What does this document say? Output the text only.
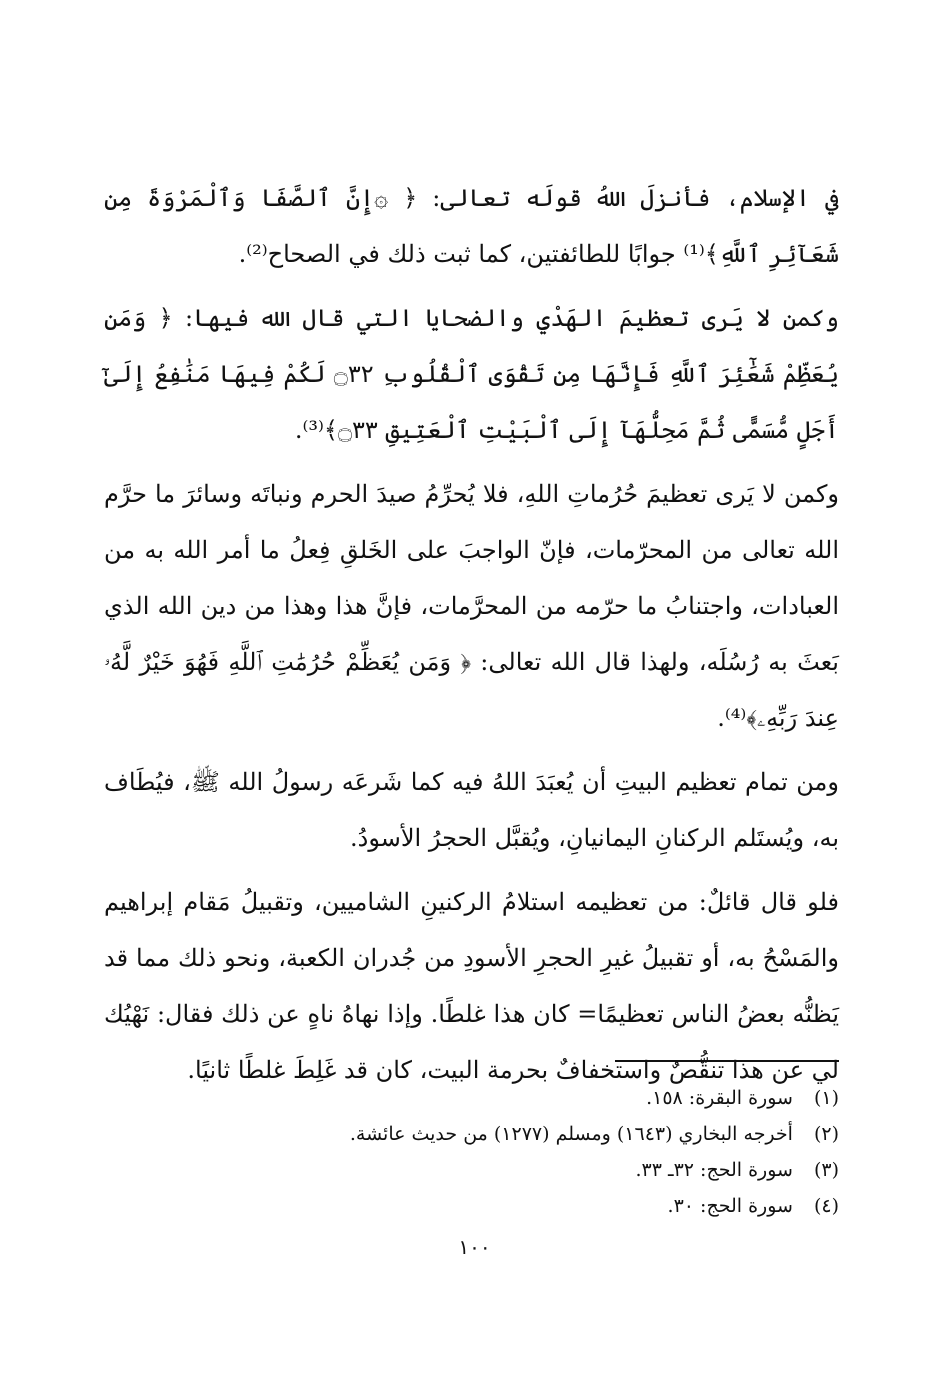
في الإسلام، فأنزلَ اللهُ قولَه تعالى: ﴿ ۞إِنَّ ٱلصَّفَا وَٱلْمَرْوَةَ مِن شَعَآئِرِ ٱللَّهِ﴾⁽¹⁾ جوابًا للطائفتين، كما ثبت ذلك في الصحاح⁽²⁾.

وكمن لا يَرى تعظيمَ الهَدْيِ والضحايا التي قال الله فيها: ﴿ وَمَن يُعَظِّمْ شَعَٰٓئِرَ ٱللَّهِ فَإِنَّهَا مِن تَقْوَى ٱلْقُلُوبِ ۝٣٢ لَكُمْ فِيهَا مَنَٰفِعُ إِلَىٰٓ أَجَلٍ مُّسَمًّى ثُمَّ مَحِلُّهَآ إِلَى ٱلْبَيْتِ ٱلْعَتِيقِ ۝٣٣﴾⁽³⁾.

وكمن لا يَرى تعظيمَ حُرُماتِ اللهِ، فلا يُحرِّمُ صيدَ الحرم ونباتَه وسائرَ ما حرَّم الله تعالى من المحرّمات، فإنّ الواجبَ على الخَلقِ فِعلُ ما أمر الله به من العبادات، واجتنابُ ما حرّمه من المحرَّمات، فإنَّ هذا وهذا من دين الله الذي بَعثَ به رُسُلَه، ولهذا قال الله تعالى: ﴿ وَمَن يُعَظِّمْ حُرُمَٰتِ ٱللَّهِ فَهُوَ خَيْرٌ لَّهُۥ عِندَ رَبِّهِۦ﴾⁽⁴⁾.

ومن تمام تعظيم البيتِ أن يُعبَدَ اللهُ فيه كما شَرعَه رسولُ الله ﷺ، فيُطَاف به، ويُستَلم الركنانِ اليمانيانِ، ويُقبَّل الحجرُ الأسودُ.

فلو قال قائلٌ: من تعظيمه استلامُ الركنينِ الشاميين، وتقبيلُ مَقام إبراهيم والمَسْحُ به، أو تقبيلُ غيرِ الحجرِ الأسودِ من جُدران الكعبة، ونحو ذلك مما قد يَظنُّه بعضُ الناس تعظيمًا= كان هذا غلطًا. وإذا نهاهُ ناهٍ عن ذلك فقال: نَهْيُك لي عن هذا تنقُّصٌ واستخفافٌ بحرمة البيت، كان قد غَلِطَ غلطًا ثانيًا.

(١) سورة البقرة: ١٥٨.
(٢) أخرجه البخاري (١٦٤٣) ومسلم (١٢٧٧) من حديث عائشة.
(٣) سورة الحج: ٣٢ـ ٣٣.
(٤) سورة الحج: ٣٠.
١٠٠
